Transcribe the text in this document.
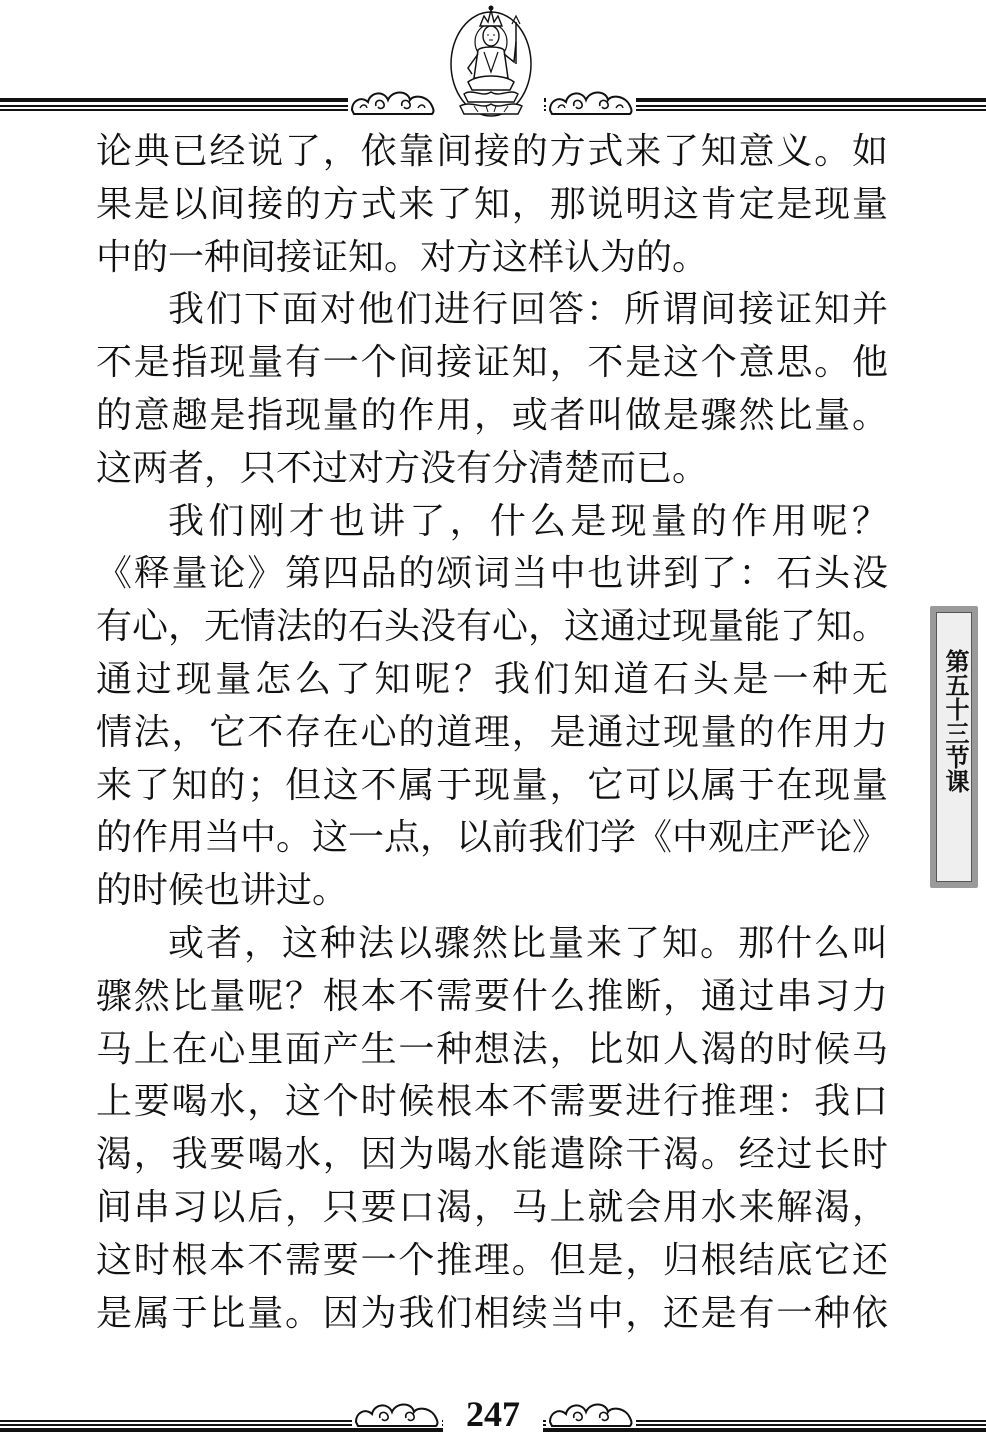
论典已经说了，依靠间接的方式来了知意义。如
果是以间接的方式来了知，那说明这肯定是现量
中的一种间接证知。对方这样认为的。
我们下面对他们进行回答：所谓间接证知并
不是指现量有一个间接证知，不是这个意思。他
的意趣是指现量的作用，或者叫做是骤然比量。
这两者，只不过对方没有分清楚而已。
我们刚才也讲了，什么是现量的作用呢？
《释量论》第四品的颂词当中也讲到了：石头没
有心，无情法的石头没有心，这通过现量能了知。
通过现量怎么了知呢？我们知道石头是一种无
情法，它不存在心的道理，是通过现量的作用力
来了知的；但这不属于现量，它可以属于在现量
的作用当中。这一点，以前我们学《中观庄严论》
的时候也讲过。
或者，这种法以骤然比量来了知。那什么叫
骤然比量呢？根本不需要什么推断，通过串习力
马上在心里面产生一种想法，比如人渴的时候马
上要喝水，这个时候根本不需要进行推理：我口
渴，我要喝水，因为喝水能遣除干渴。经过长时
间串习以后，只要口渴，马上就会用水来解渴，
这时根本不需要一个推理。但是，归根结底它还
是属于比量。因为我们相续当中，还是有一种依
第五十三节课
247
